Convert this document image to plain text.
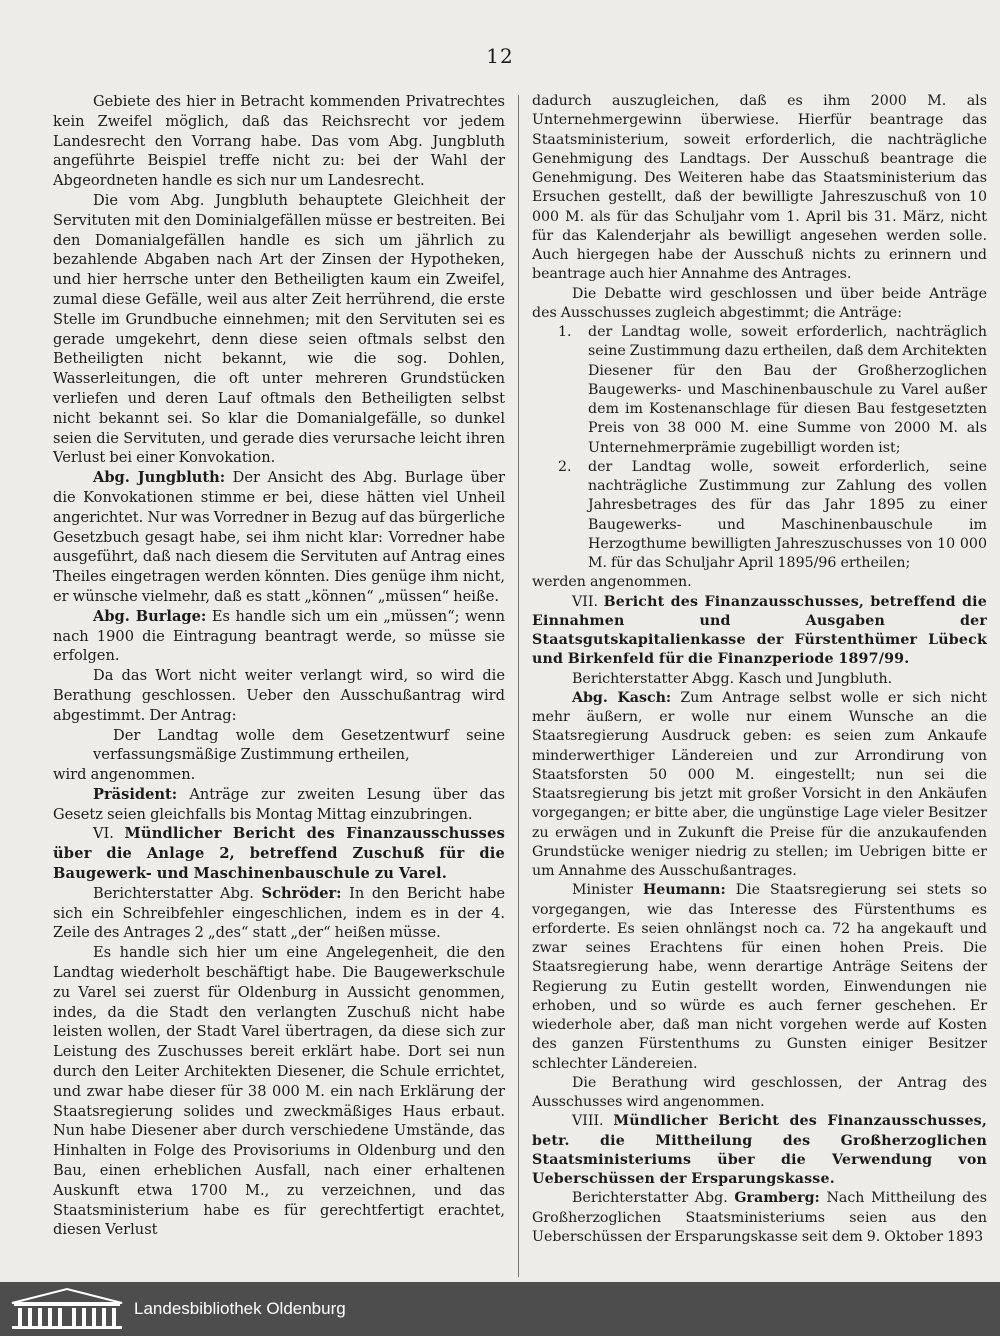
12

Gebiete des hier in Betracht kommenden Privatrechtes kein Zweifel möglich, daß das Reichsrecht vor jedem Landesrecht den Vorrang habe. Das vom Abg. Jungbluth angeführte Beispiel treffe nicht zu: bei der Wahl der Abgeordneten handle es sich nur um Landesrecht.

Die vom Abg. Jungbluth behauptete Gleichheit der Servituten mit den Dominialgefällen müsse er bestreiten. Bei den Domanialgefällen handle es sich um jährlich zu bezahlende Abgaben nach Art der Zinsen der Hypotheken, und hier herrsche unter den Betheiligten kaum ein Zweifel, zumal diese Gefälle, weil aus alter Zeit herrührend, die erste Stelle im Grundbuche einnehmen; mit den Servituten sei es gerade umgekehrt, denn diese seien oftmals selbst den Betheiligten nicht bekannt, wie die sog. Dohlen, Wasserleitungen, die oft unter mehreren Grundstücken verliefen und deren Lauf oftmals den Betheiligten selbst nicht bekannt sei. So klar die Domanialgefälle, so dunkel seien die Servituten, und gerade dies verursache leicht ihren Verlust bei einer Konvokation.

Abg. Jungbluth: Der Ansicht des Abg. Burlage über die Konvokationen stimme er bei, diese hätten viel Unheil angerichtet. Nur was Vorredner in Bezug auf das bürgerliche Gesetzbuch gesagt habe, sei ihm nicht klar: Vorredner habe ausgeführt, daß nach diesem die Servituten auf Antrag eines Theiles eingetragen werden könnten. Dies genüge ihm nicht, er wünsche vielmehr, daß es statt „können“ „müssen“ heiße.

Abg. Burlage: Es handle sich um ein „müssen“; wenn nach 1900 die Eintragung beantragt werde, so müsse sie erfolgen.

Da das Wort nicht weiter verlangt wird, so wird die Berathung geschlossen. Ueber den Ausschußantrag wird abgestimmt. Der Antrag:

Der Landtag wolle dem Gesetzentwurf seine verfassungsmäßige Zustimmung ertheilen,

wird angenommen.

Präsident: Anträge zur zweiten Lesung über das Gesetz seien gleichfalls bis Montag Mittag einzubringen.

VI. Mündlicher Bericht des Finanzausschusses über die Anlage 2, betreffend Zuschuß für die Baugewerk- und Maschinenbauschule zu Varel.

Berichterstatter Abg. Schröder: In den Bericht habe sich ein Schreibfehler eingeschlichen, indem es in der 4. Zeile des Antrages 2 „des“ statt „der“ heißen müsse.

Es handle sich hier um eine Angelegenheit, die den Landtag wiederholt beschäftigt habe. Die Baugewerkschule zu Varel sei zuerst für Oldenburg in Aussicht genommen, indes, da die Stadt den verlangten Zuschuß nicht habe leisten wollen, der Stadt Varel übertragen, da diese sich zur Leistung des Zuschusses bereit erklärt habe. Dort sei nun durch den Leiter Architekten Diesener, die Schule errichtet, und zwar habe dieser für 38 000 M. ein nach Erklärung der Staatsregierung solides und zweckmäßiges Haus erbaut. Nun habe Diesener aber durch verschiedene Umstände, das Hinhalten in Folge des Provisoriums in Oldenburg und den Bau, einen erheblichen Ausfall, nach einer erhaltenen Auskunft etwa 1700 M., zu verzeichnen, und das Staatsministerium habe es für gerechtfertigt erachtet, diesen Verlust

dadurch auszugleichen, daß es ihm 2000 M. als Unternehmergewinn überwiese. Hierfür beantrage das Staatsministerium, soweit erforderlich, die nachträgliche Genehmigung des Landtags. Der Ausschuß beantrage die Genehmigung. Des Weiteren habe das Staatsministerium das Ersuchen gestellt, daß der bewilligte Jahreszuschuß von 10 000 M. als für das Schuljahr vom 1. April bis 31. März, nicht für das Kalenderjahr als bewilligt angesehen werden solle. Auch hiergegen habe der Ausschuß nichts zu erinnern und beantrage auch hier Annahme des Antrages.

Die Debatte wird geschlossen und über beide Anträge des Ausschusses zugleich abgestimmt; die Anträge:

1.	der Landtag wolle, soweit erforderlich, nachträglich seine Zustimmung dazu ertheilen, daß dem Architekten Diesener für den Bau der Großherzoglichen Baugewerks- und Maschinenbauschule zu Varel außer dem im Kostenanschlage für diesen Bau festgesetzten Preis von 38 000 M. eine Summe von 2000 M. als Unternehmerprämie zugebilligt worden ist;
2.	der Landtag wolle, soweit erforderlich, seine nachträgliche Zustimmung zur Zahlung des vollen Jahresbetrages des für das Jahr 1895 zu einer Baugewerks- und Maschinenbauschule im Herzogthume bewilligten Jahreszuschusses von 10 000 M. für das Schuljahr April 1895/96 ertheilen;

werden angenommen.

VII. Bericht des Finanzausschusses, betreffend die Einnahmen und Ausgaben der Staatsgutskapitalienkasse der Fürstenthümer Lübeck und Birkenfeld für die Finanzperiode 1897/99.

Berichterstatter Abgg. Kasch und Jungbluth.

Abg. Kasch: Zum Antrage selbst wolle er sich nicht mehr äußern, er wolle nur einem Wunsche an die Staatsregierung Ausdruck geben: es seien zum Ankaufe minderwerthiger Ländereien und zur Arrondirung von Staatsforsten 50 000 M. eingestellt; nun sei die Staatsregierung bis jetzt mit großer Vorsicht in den Ankäufen vorgegangen; er bitte aber, die ungünstige Lage vieler Besitzer zu erwägen und in Zukunft die Preise für die anzukaufenden Grundstücke weniger niedrig zu stellen; im Uebrigen bitte er um Annahme des Ausschußantrages.

Minister Heumann: Die Staatsregierung sei stets so vorgegangen, wie das Interesse des Fürstenthums es erforderte. Es seien ohnlängst noch ca. 72 ha angekauft und zwar seines Erachtens für einen hohen Preis. Die Staatsregierung habe, wenn derartige Anträge Seitens der Regierung zu Eutin gestellt worden, Einwendungen nie erhoben, und so würde es auch ferner geschehen. Er wiederhole aber, daß man nicht vorgehen werde auf Kosten des ganzen Fürstenthums zu Gunsten einiger Besitzer schlechter Ländereien.

Die Berathung wird geschlossen, der Antrag des Ausschusses wird angenommen.

VIII. Mündlicher Bericht des Finanzausschusses, betr. die Mittheilung des Großherzoglichen Staatsministeriums über die Verwendung von Ueberschüssen der Ersparungskasse.

Berichterstatter Abg. Gramberg: Nach Mittheilung des Großherzoglichen Staatsministeriums seien aus den Ueberschüssen der Ersparungskasse seit dem 9. Oktober 1893

Landesbibliothek Oldenburg
